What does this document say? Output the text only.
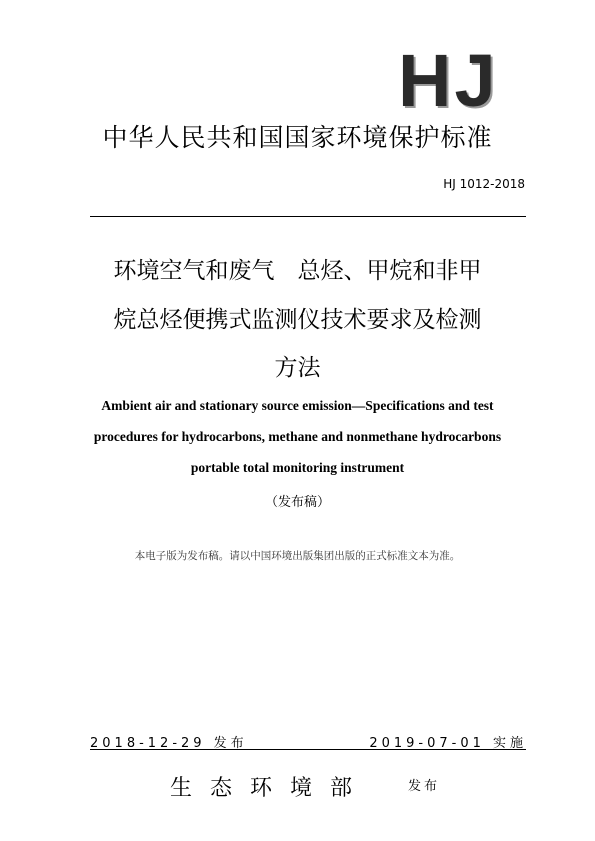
HJ
中华人民共和国国家环境保护标准
HJ 1012-2018
环境空气和废气　总烃、甲烷和非甲
烷总烃便携式监测仪技术要求及检测
方法
Ambient air and stationary source emission—Specifications and test
procedures for hydrocarbons, methane and nonmethane hydrocarbons
portable total monitoring instrument
（发布稿）
本电子版为发布稿。请以中国环境出版集团出版的正式标准文本为准。
2018-12-29 发布	2019-07-01 实施
生态环境部	发布
